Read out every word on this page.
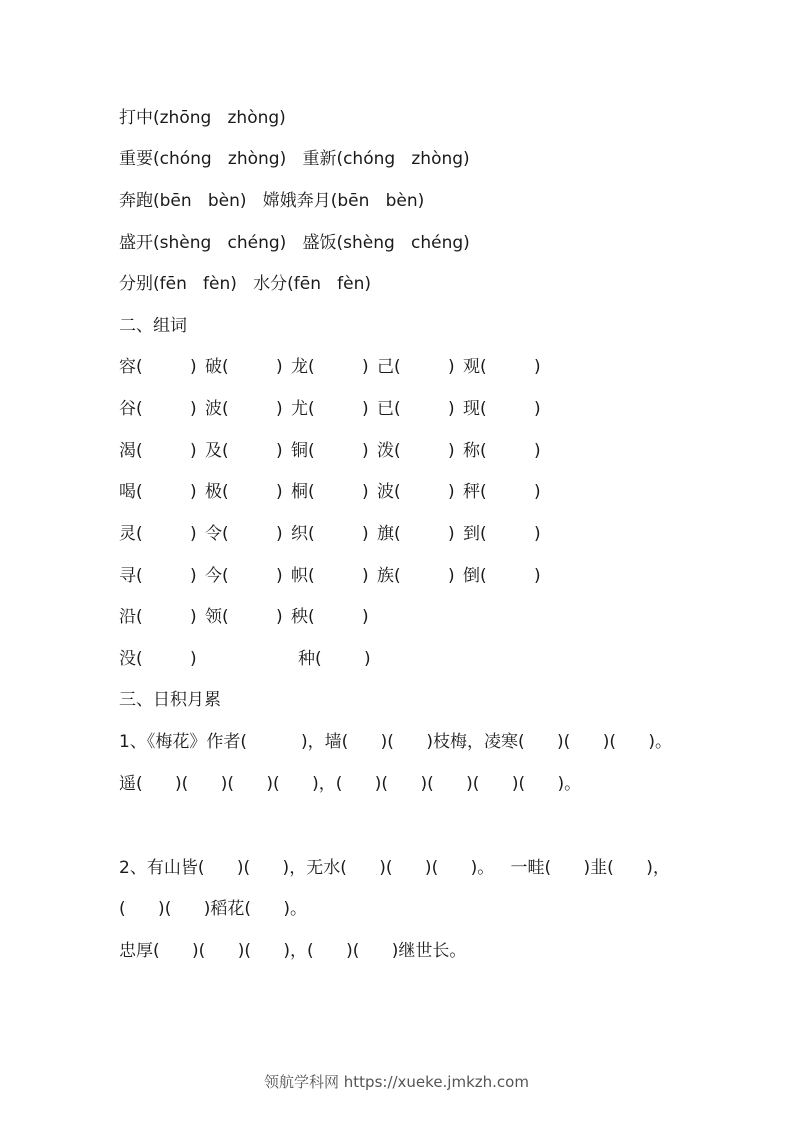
打中(zhōng   zhòng)
重要(chóng   zhòng)   重新(chóng   zhòng)
奔跑(bēn   bèn)   嫦娥奔月(bēn   bèn)
盛开(shèng   chéng)   盛饭(shèng   chéng)
分别(fēn   fèn)   水分(fēn   fèn)
二、组词
容(	) 破(	) 龙(	) 己(	) 观(	)
谷(	) 波(	) 尤(	) 已(	) 现(	)
渴(	) 及(	) 铜(	) 泼(	) 称(	)
喝(	) 极(	) 桐(	) 波(	) 秤(	)
灵(	) 令(	) 织(	) 旗(	) 到(	)
寻(	) 今(	) 帜(	) 族(	) 倒(	)
沿(	) 领(	) 秧(	)
没(	)	种( )
三、日积月累
1、《梅花》作者(          )，墙(      )(      )枝梅，凌寒(      )(      )(      )。
遥(      )(      )(      )(      )，(      )(      )(      )(      )(      )。
2、有山皆(      )(      )，无水(      )(      )(      )。   一畦(      )韭(      )，
(      )(      )稻花(      )。
忠厚(      )(      )(      )，(      )(      )继世长。
领航学科网 https://xueke.jmkzh.com
